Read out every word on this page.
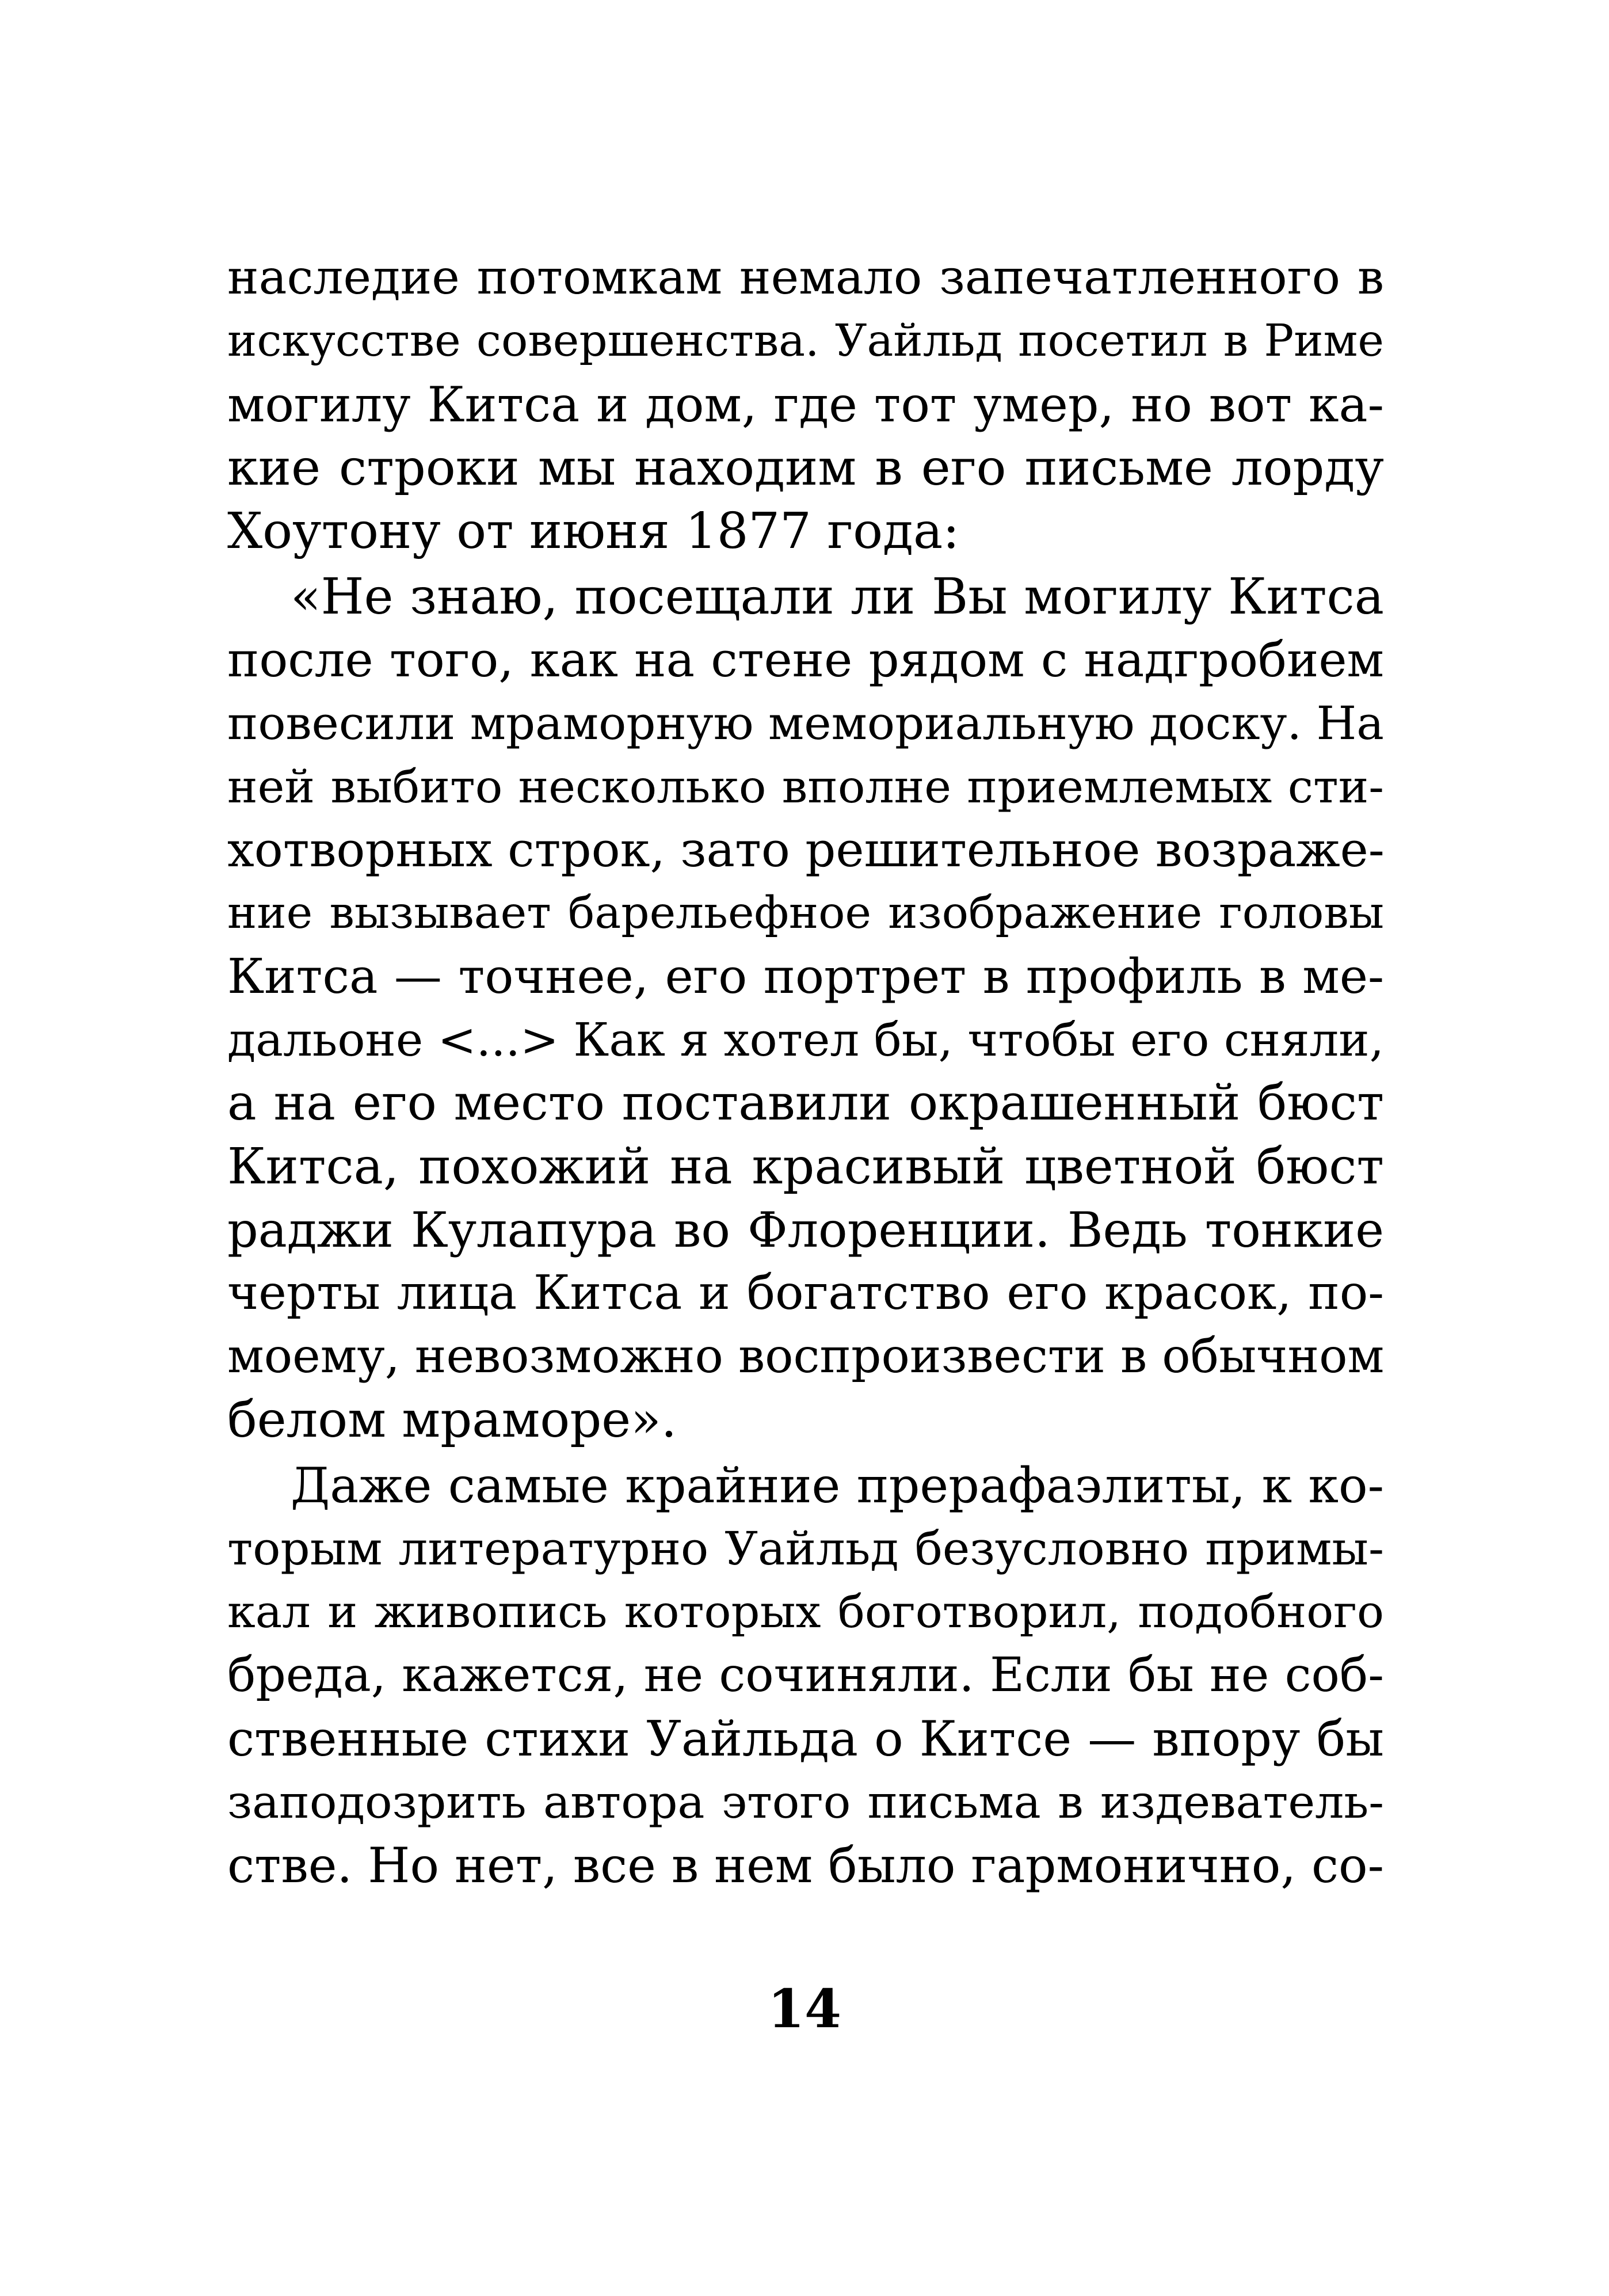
наследие потомкам немало запечатленного в
искусстве совершенства. Уайльд посетил в Риме
могилу Китса и дом, где тот умер, но вот ка-
кие строки мы находим в его письме лорду
Хоутону от июня 1877 года:
«Не знаю, посещали ли Вы могилу Китса
после того, как на стене рядом с надгробием
повесили мраморную мемориальную доску. На
ней выбито несколько вполне приемлемых сти-
хотворных строк, зато решительное возраже-
ние вызывает барельефное изображение головы
Китса — точнее, его портрет в профиль в ме-
дальоне <...> Как я хотел бы, чтобы его сняли,
а на его место поставили окрашенный бюст
Китса, похожий на красивый цветной бюст
раджи Кулапура во Флоренции. Ведь тонкие
черты лица Китса и богатство его красок, по-
моему, невозможно воспроизвести в обычном
белом мраморе».
Даже самые крайние прерафаэлиты, к ко-
торым литературно Уайльд безусловно примы-
кал и живопись которых боготворил, подобного
бреда, кажется, не сочиняли. Если бы не соб-
ственные стихи Уайльда о Китсе — впору бы
заподозрить автора этого письма в издеватель-
стве. Но нет, все в нем было гармонично, со-
14
